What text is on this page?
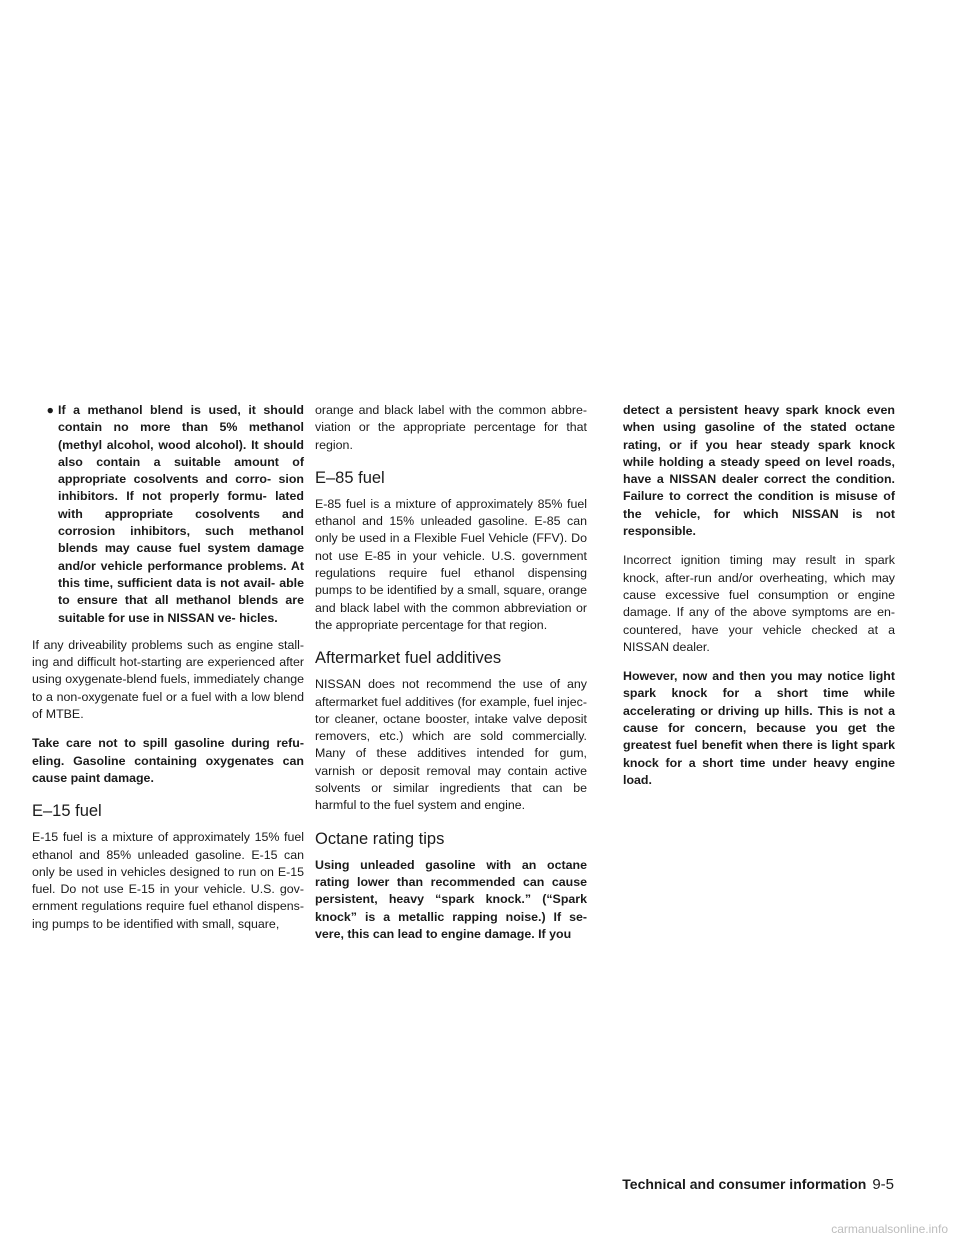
● If a methanol blend is used, it should contain no more than 5% methanol (methyl alcohol, wood alcohol). It should also contain a suitable amount of appropriate cosolvents and corro- sion inhibitors. If not properly formu- lated with appropriate cosolvents and corrosion inhibitors, such methanol blends may cause fuel system damage and/or vehicle performance problems. At this time, sufficient data is not avail- able to ensure that all methanol blends are suitable for use in NISSAN ve- hicles.

If any driveability problems such as engine stall- ing and difficult hot-starting are experienced after using oxygenate-blend fuels, immediately change to a non-oxygenate fuel or a fuel with a low blend of MTBE.

Take care not to spill gasoline during refu- eling. Gasoline containing oxygenates can cause paint damage.

E–15 fuel

E-15 fuel is a mixture of approximately 15% fuel ethanol and 85% unleaded gasoline. E-15 can only be used in vehicles designed to run on E-15 fuel. Do not use E-15 in your vehicle. U.S. gov- ernment regulations require fuel ethanol dispens- ing pumps to be identified with small, square,

orange and black label with the common abbre- viation or the appropriate percentage for that region.

E–85 fuel

E-85 fuel is a mixture of approximately 85% fuel ethanol and 15% unleaded gasoline. E-85 can only be used in a Flexible Fuel Vehicle (FFV). Do not use E-85 in your vehicle. U.S. government regulations require fuel ethanol dispensing pumps to be identified by a small, square, orange and black label with the common abbreviation or the appropriate percentage for that region.

Aftermarket fuel additives

NISSAN does not recommend the use of any aftermarket fuel additives (for example, fuel injec- tor cleaner, octane booster, intake valve deposit removers, etc.) which are sold commercially. Many of these additives intended for gum, varnish or deposit removal may contain active solvents or similar ingredients that can be harmful to the fuel system and engine.

Octane rating tips

Using unleaded gasoline with an octane rating lower than recommended can cause persistent, heavy “spark knock.” (“Spark knock” is a metallic rapping noise.) If se- vere, this can lead to engine damage. If you

detect a persistent heavy spark knock even when using gasoline of the stated octane rating, or if you hear steady spark knock while holding a steady speed on level roads, have a NISSAN dealer correct the condition. Failure to correct the condition is misuse of the vehicle, for which NISSAN is not responsible.

Incorrect ignition timing may result in spark knock, after-run and/or overheating, which may cause excessive fuel consumption or engine damage. If any of the above symptoms are en- countered, have your vehicle checked at a NISSAN dealer.

However, now and then you may notice light spark knock for a short time while accelerating or driving up hills. This is not a cause for concern, because you get the greatest fuel benefit when there is light spark knock for a short time under heavy engine load.

Technical and consumer information 9-5
carmanualsonline.info
